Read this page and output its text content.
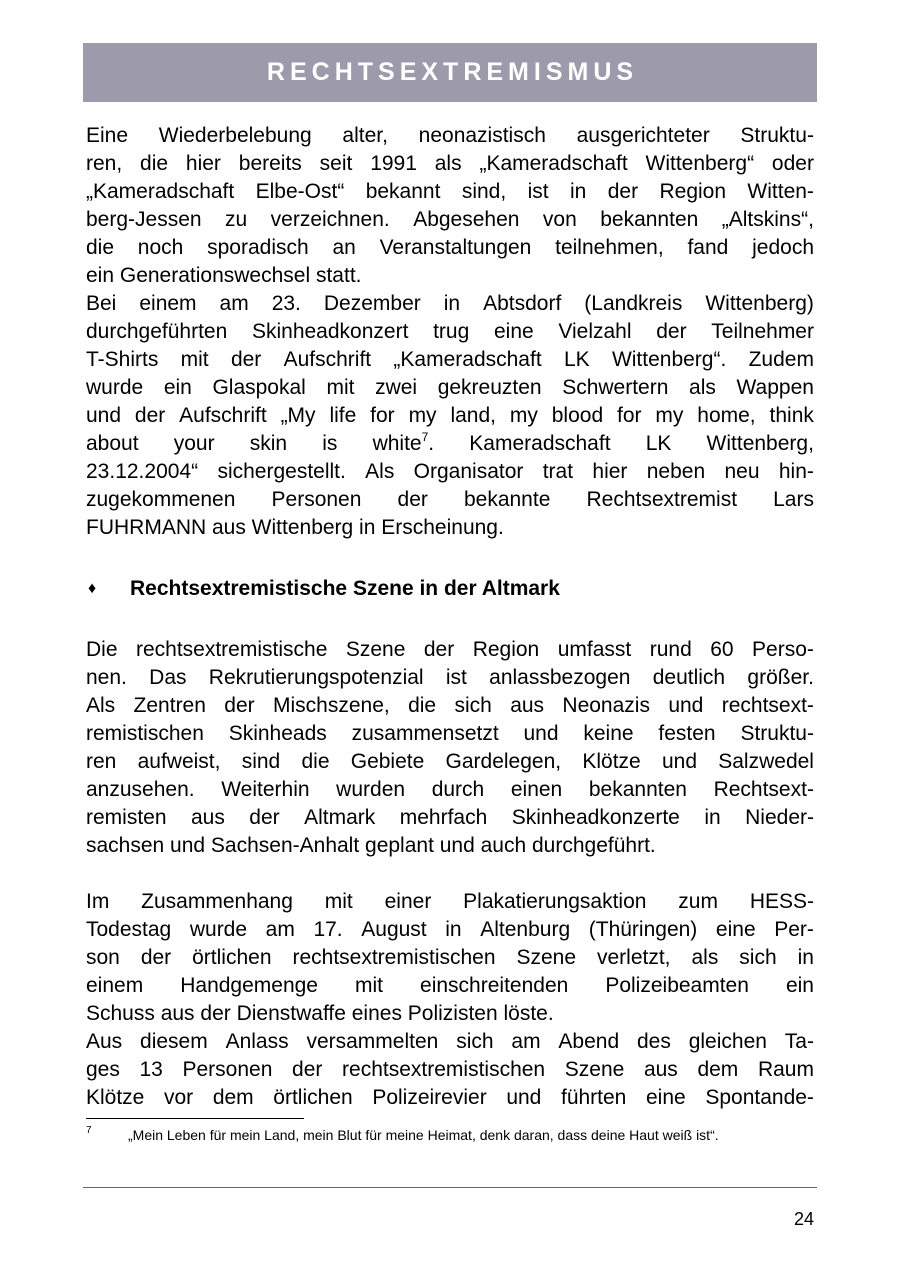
RECHTSEXTREMISMUS
Eine Wiederbelebung alter, neonazistisch ausgerichteter Struktu-
ren, die hier bereits seit 1991 als „Kameradschaft Wittenberg“ oder
„Kameradschaft Elbe-Ost“ bekannt sind, ist in der Region Witten-
berg-Jessen zu verzeichnen. Abgesehen von bekannten „Altskins“,
die noch sporadisch an Veranstaltungen teilnehmen, fand jedoch
ein Generationswechsel statt.
Bei einem am 23. Dezember in Abtsdorf (Landkreis Wittenberg)
durchgeführten Skinheadkonzert trug eine Vielzahl der Teilnehmer
T-Shirts mit der Aufschrift „Kameradschaft LK Wittenberg“. Zudem
wurde ein Glaspokal mit zwei gekreuzten Schwertern als Wappen
und der Aufschrift „My life for my land, my blood for my home, think
about your skin is white$^7$. Kameradschaft LK Wittenberg,
23.12.2004“ sichergestellt. Als Organisator trat hier neben neu hin-
zugekommenen Personen der bekannte Rechtsextremist Lars
FUHRMANN aus Wittenberg in Erscheinung.
♦	Rechtsextremistische Szene in der Altmark
Die rechtsextremistische Szene der Region umfasst rund 60 Perso-
nen. Das Rekrutierungspotenzial ist anlassbezogen deutlich größer.
Als Zentren der Mischszene, die sich aus Neonazis und rechtsext-
remistischen Skinheads zusammensetzt und keine festen Struktu-
ren aufweist, sind die Gebiete Gardelegen, Klötze und Salzwedel
anzusehen. Weiterhin wurden durch einen bekannten Rechtsext-
remisten aus der Altmark mehrfach Skinheadkonzerte in Nieder-
sachsen und Sachsen-Anhalt geplant und auch durchgeführt.
Im Zusammenhang mit einer Plakatierungsaktion zum HESS-
Todestag wurde am 17. August in Altenburg (Thüringen) eine Per-
son der örtlichen rechtsextremistischen Szene verletzt, als sich in
einem Handgemenge mit einschreitenden Polizeibeamten ein
Schuss aus der Dienstwaffe eines Polizisten löste.
Aus diesem Anlass versammelten sich am Abend des gleichen Ta-
ges 13 Personen der rechtsextremistischen Szene aus dem Raum
Klötze vor dem örtlichen Polizeirevier und führten eine Spontande-
7	„Mein Leben für mein Land, mein Blut für meine Heimat, denk daran, dass deine Haut weiß ist“.
24
